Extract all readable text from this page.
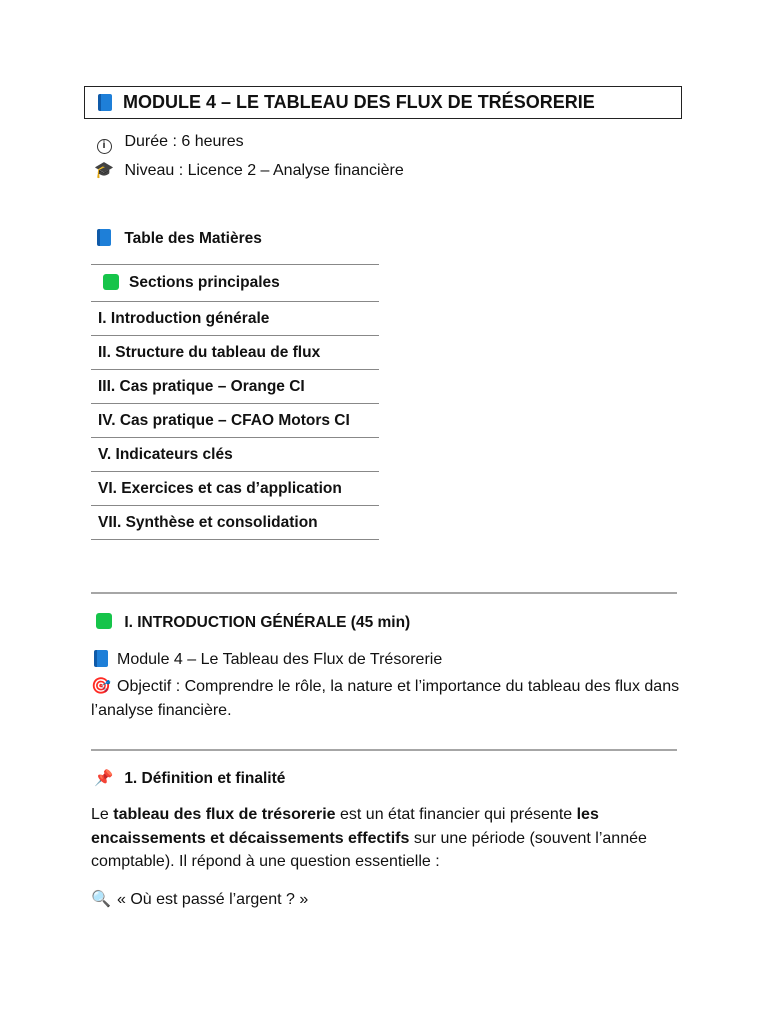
MODULE 4 – LE TABLEAU DES FLUX DE TRÉSORERIE
i Durée : 6 heures
🎓 Niveau : Licence 2 – Analyse financière
Table des Matières
Sections principales
I. Introduction générale
II. Structure du tableau de flux
III. Cas pratique – Orange CI
IV. Cas pratique – CFAO Motors CI
V. Indicateurs clés
VI. Exercices et cas d’application
VII. Synthèse et consolidation
I. INTRODUCTION GÉNÉRALE (45 min)
Module 4 – Le Tableau des Flux de Trésorerie
🎯 Objectif : Comprendre le rôle, la nature et l’importance du tableau des flux dans l’analyse financière.
📌 1. Définition et finalité
Le tableau des flux de trésorerie est un état financier qui présente les encaissements et décaissements effectifs sur une période (souvent l’année comptable). Il répond à une question essentielle :
🔍 « Où est passé l’argent ? »
